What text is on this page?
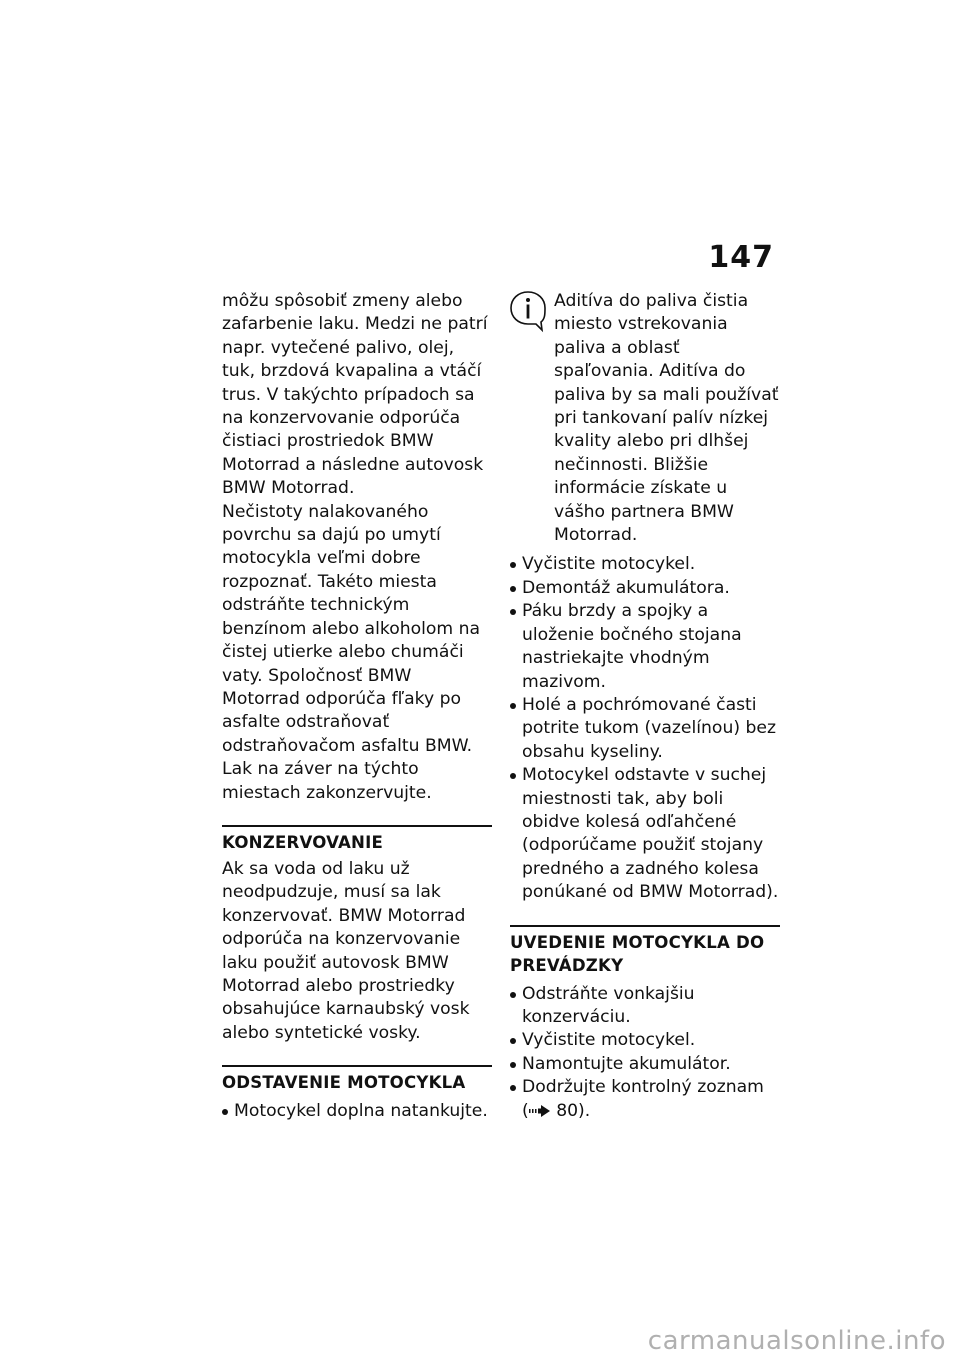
147

môžu spôsobiť zmeny alebo zafarbenie laku. Medzi ne patrí napr. vytečené palivo, olej, tuk, brzdová kvapalina a vtáčí trus. V takýchto prípadoch sa na konzervovanie odporúča čistiaci prostriedok BMW Motorrad a následne autovosk BMW Motorrad.

Nečistoty nalakovaného povrchu sa dajú po umytí motocykla veľmi dobre rozpoznať. Takéto miesta odstráňte technickým benzínom alebo alkoholom na čistej utierke alebo chumáči vaty. Spoločnosť BMW Motorrad odporúča fľaky po asfalte odstraňovať odstraňovačom asfaltu BMW. Lak na záver na týchto miestach zakonzervujte.

KONZERVOVANIE

Ak sa voda od laku už neodpudzuje, musí sa lak konzervovať. BMW Motorrad odporúča na konzervovanie laku použiť autovosk BMW Motorrad alebo prostriedky obsahujúce karnaubský vosk alebo syntetické vosky.

ODSTAVENIE MOTOCYKLA
Motocykel doplna natankujte.
Aditíva do paliva čistia miesto vstrekovania paliva a oblasť spaľovania. Aditíva do paliva by sa mali používať pri tankovaní palív nízkej kvality alebo pri dlhšej nečinnosti. Bližšie informácie získate u vášho partnera BMW Motorrad.
Vyčistite motocykel.
Demontáž akumulátora.
Páku brzdy a spojky a uloženie bočného stojana nastriekajte vhodným mazivom.
Holé a pochrómované časti potrite tukom (vazelínou) bez obsahu kyseliny.
Motocykel odstavte v suchej miestnosti tak, aby boli obidve kolesá odľahčené (odporúčame použiť stojany predného a zadného kolesa ponúkané od BMW Motorrad).
UVEDENIE MOTOCYKLA DO PREVÁDZKY
Odstráňte vonkajšiu konzerváciu.
Vyčistite motocykel.
Namontujte akumulátor.
Dodržujte kontrolný zoznam
( 80).
carmanualsonline.info
